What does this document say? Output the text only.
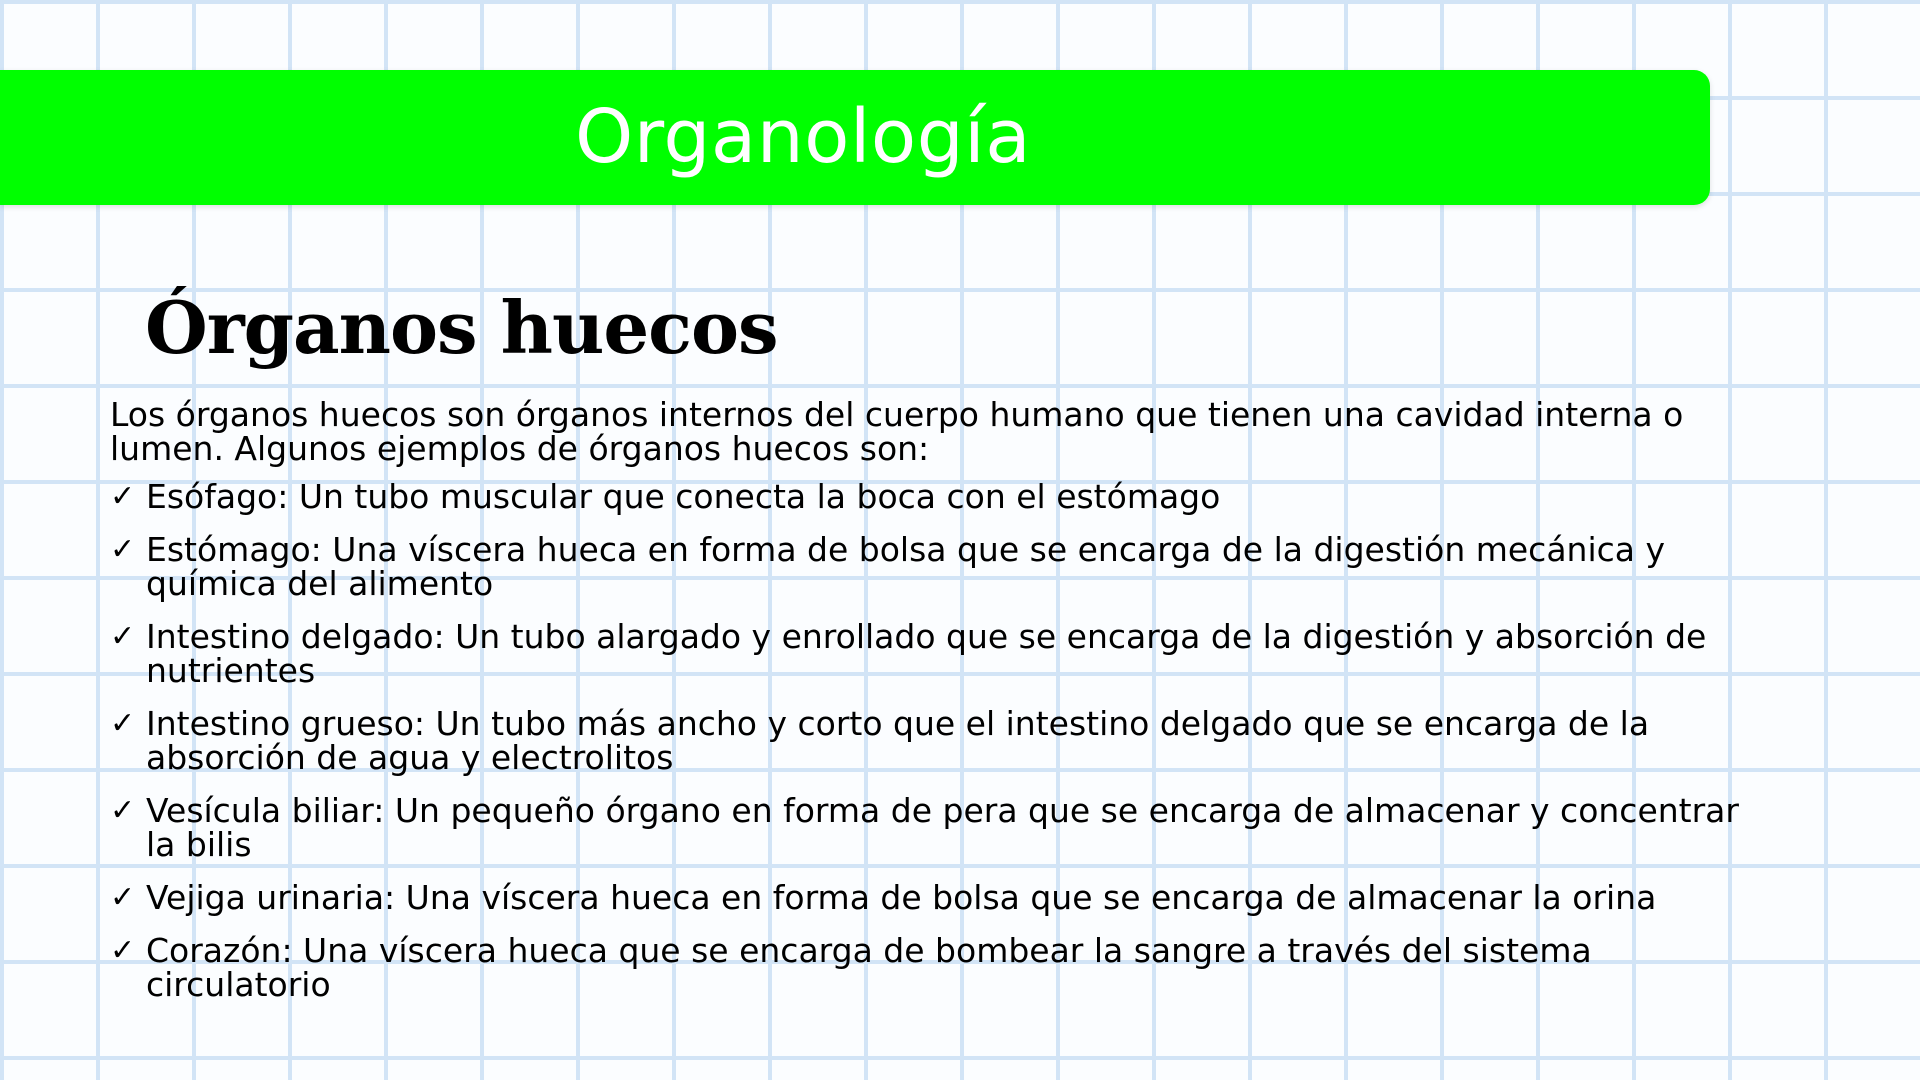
Organología
Órganos huecos

Los órganos huecos son órganos internos del cuerpo humano que tienen una cavidad interna o lumen. Algunos ejemplos de órganos huecos son:

✓ Esófago: Un tubo muscular que conecta la boca con el estómago
✓ Estómago: Una víscera hueca en forma de bolsa que se encarga de la digestión mecánica y química del alimento
✓ Intestino delgado: Un tubo alargado y enrollado que se encarga de la digestión y absorción de nutrientes
✓ Intestino grueso: Un tubo más ancho y corto que el intestino delgado que se encarga de la absorción de agua y electrolitos
✓ Vesícula biliar: Un pequeño órgano en forma de pera que se encarga de almacenar y concentrar la bilis
✓ Vejiga urinaria: Una víscera hueca en forma de bolsa que se encarga de almacenar la orina
✓ Corazón: Una víscera hueca que se encarga de bombear la sangre a través del sistema circulatorio
